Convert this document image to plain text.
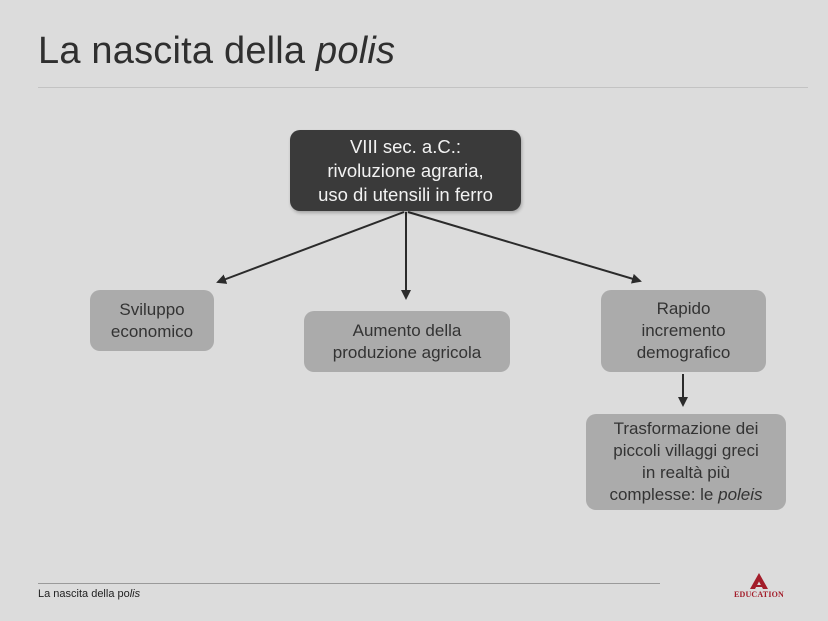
La nascita della polis
VIII sec. a.C.:
rivoluzione agraria,
uso di utensili in ferro
Sviluppo
economico	Aumento della
produzione agricola
Rapido
incremento
demografico
Trasformazione dei
piccoli villaggi greci
in realtà più
complesse: le poleis
La nascita della polis	EDUCATION
